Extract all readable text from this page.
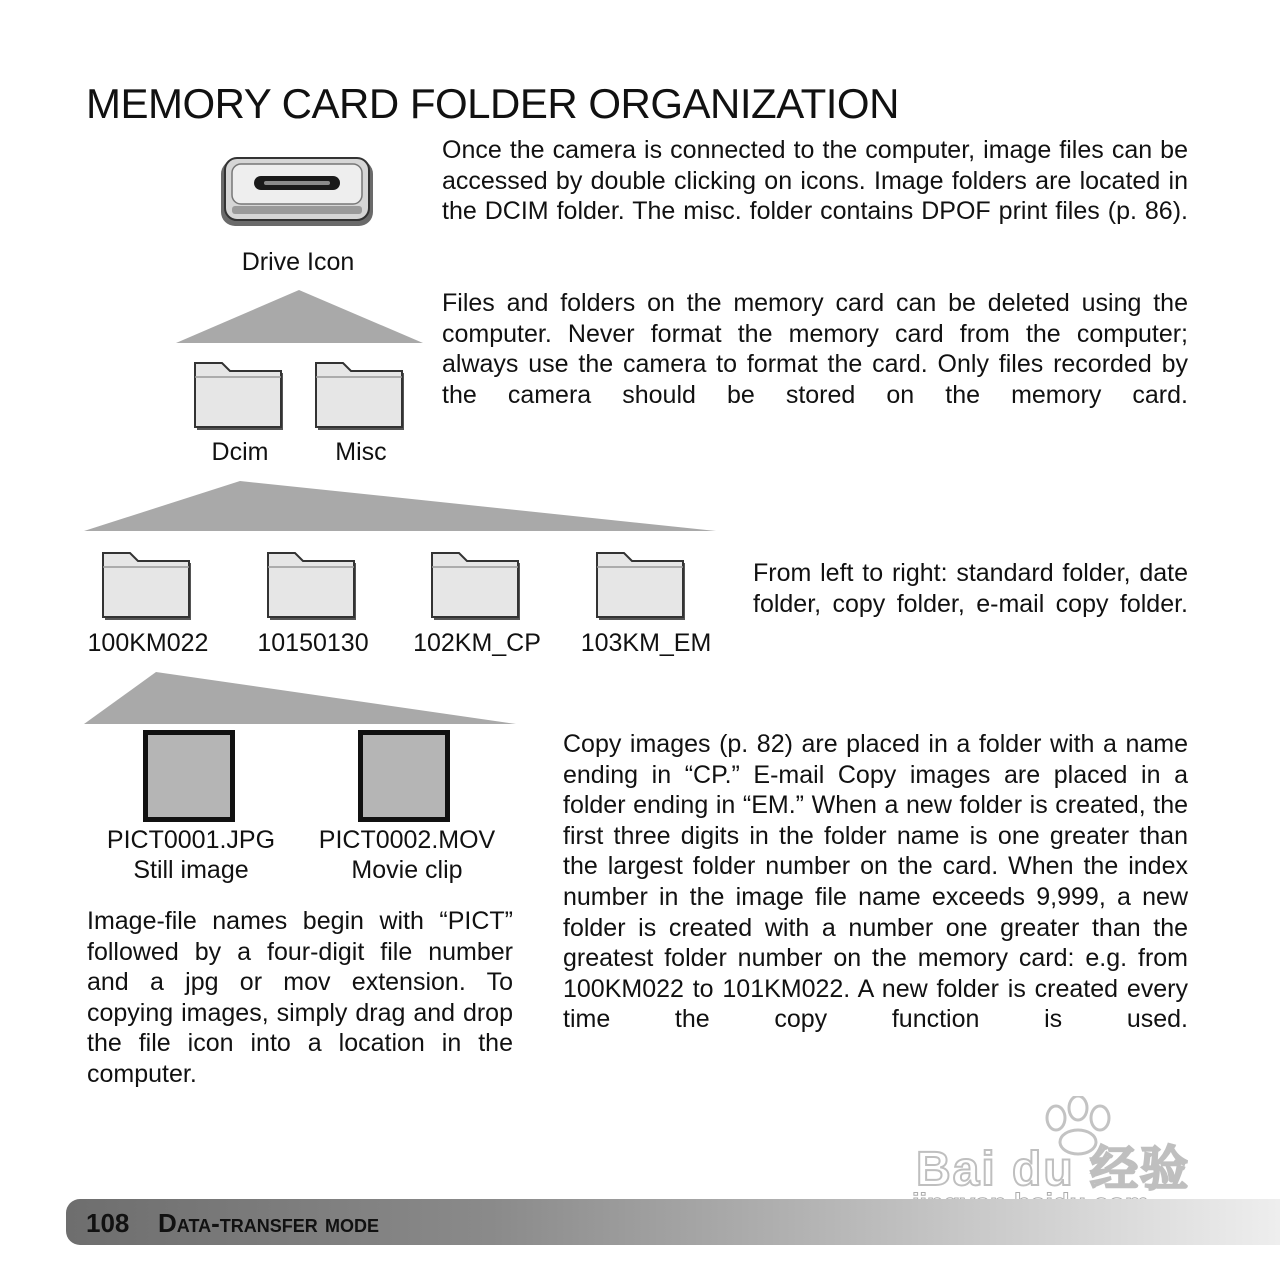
MEMORY CARD FOLDER ORGANIZATION
Drive Icon
Dcim	Misc
100KM022	10150130	102KM_CP	103KM_EM
PICT0001.JPG
Still image
PICT0002.MOV
Movie clip

Once the camera is connected to the computer, image files can be accessed by double clicking on icons. Image folders are located in the DCIM folder. The misc. folder contains DPOF print files (p. 86).

Files and folders on the memory card can be deleted using the computer. Never format the memory card from the computer; always use the camera to format the card. Only files recorded by the camera should be stored on the memory card.

From left to right: standard folder, date folder, copy folder, e-mail copy folder.

Image-file names begin with “PICT” followed by a four-digit file number and a jpg or mov extension. To copying images, simply drag and drop the file icon into a location in the computer.

Copy images (p. 82) are placed in a folder with a name ending in “CP.” E-mail Copy images are placed in a folder ending in “EM.” When a new folder is created, the first three digits in the folder name is one greater than the largest folder number on the card. When the index number in the image file name exceeds 9,999, a new folder is created with a number one greater than the greatest folder number on the memory card: e.g. from 100KM022 to 101KM022. A new folder is created every time the copy function is used.

Bai du 经验
108 Data-transfer mode
